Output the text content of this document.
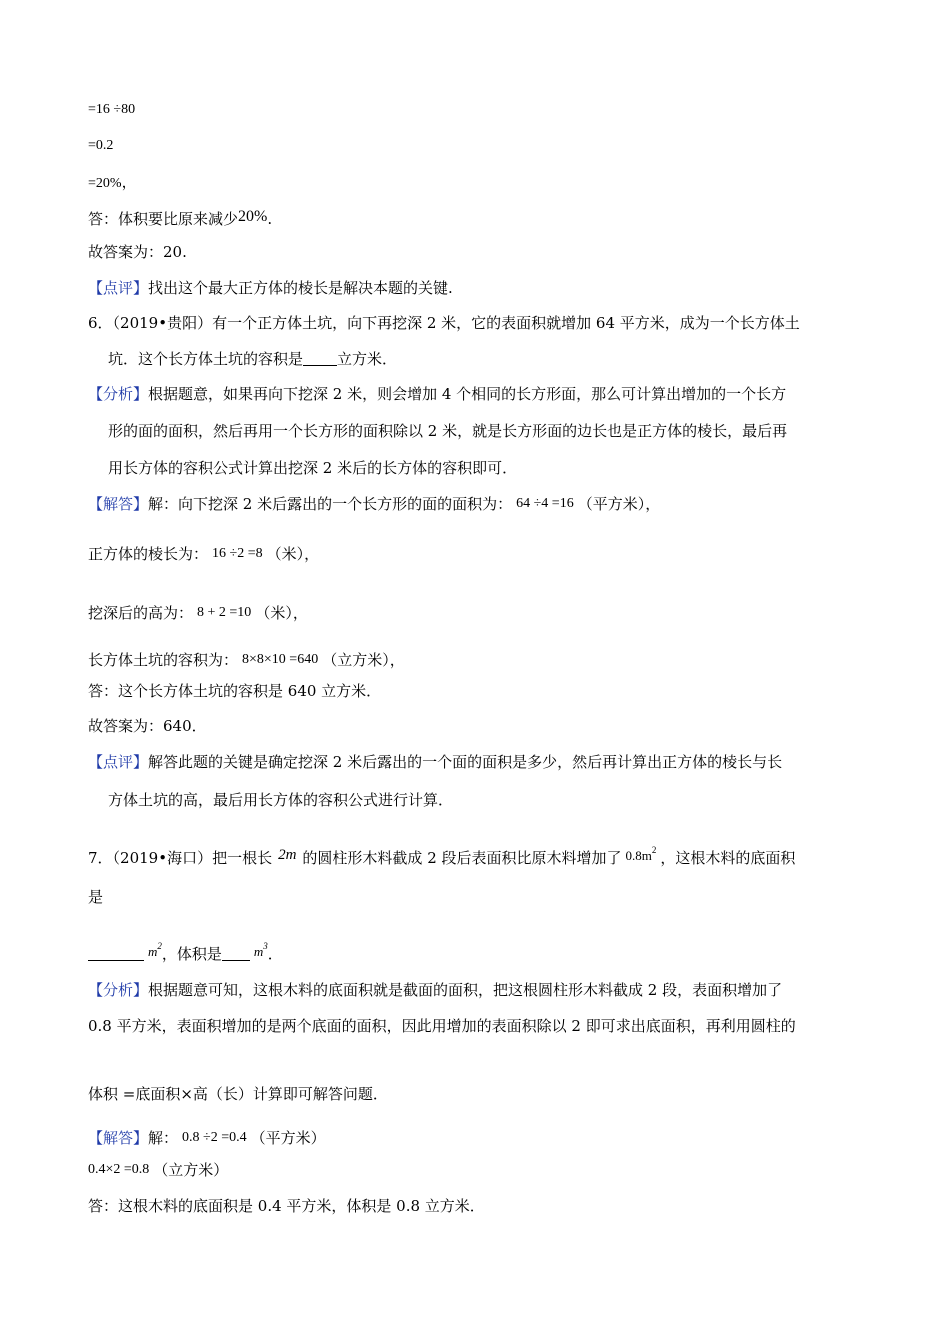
=16 ÷80
=0.2
=20%，
答：体积要比原来减少20%.
故答案为：20.
【点评】找出这个最大正方体的棱长是解决本题的关键.
6．（2019•贵阳）有一个正方体土坑，向下再挖深 2 米，它的表面积就增加 64 平方米，成为一个长方体土
坑．这个长方体土坑的容积是 立方米．
【分析】根据题意，如果再向下挖深 2 米，则会增加 4 个相同的长方形面，那么可计算出增加的一个长方
形的面的面积，然后再用一个长方形的面积除以 2 米，就是长方形面的边长也是正方体的棱长，最后再
用长方体的容积公式计算出挖深 2 米后的长方体的容积即可．
【解答】解：向下挖深 2 米后露出的一个长方形的面的面积为： 64 ÷4 =16 （平方米），
正方体的棱长为： 16 ÷2 =8 （米），
挖深后的高为： 8 + 2 =10 （米），
长方体土坑的容积为： 8×8×10 =640 （立方米），
答：这个长方体土坑的容积是 640 立方米．
故答案为：640．
【点评】解答此题的关键是确定挖深 2 米后露出的一个面的面积是多少，然后再计算出正方体的棱长与长
方体土坑的高，最后用长方体的容积公式进行计算．
7．（2019•海口）把一根长 2m 的圆柱形木料截成 2 段后表面积比原木料增加了 $0.8m^2$ ，这根木料的底面积
是
$m^2$，体积是 $m^3$．
【分析】根据题意可知，这根木料的底面积就是截面的面积，把这根圆柱形木料截成 2 段，表面积增加了
0.8 平方米，表面积增加的是两个底面的面积，因此用增加的表面积除以 2 即可求出底面积，再利用圆柱的
体积 =底面积×高（长）计算即可解答问题．
【解答】解： 0.8 ÷2 =0.4 （平方米）
0.4×2 =0.8 （立方米）
答：这根木料的底面积是 0.4 平方米，体积是 0.8 立方米．
